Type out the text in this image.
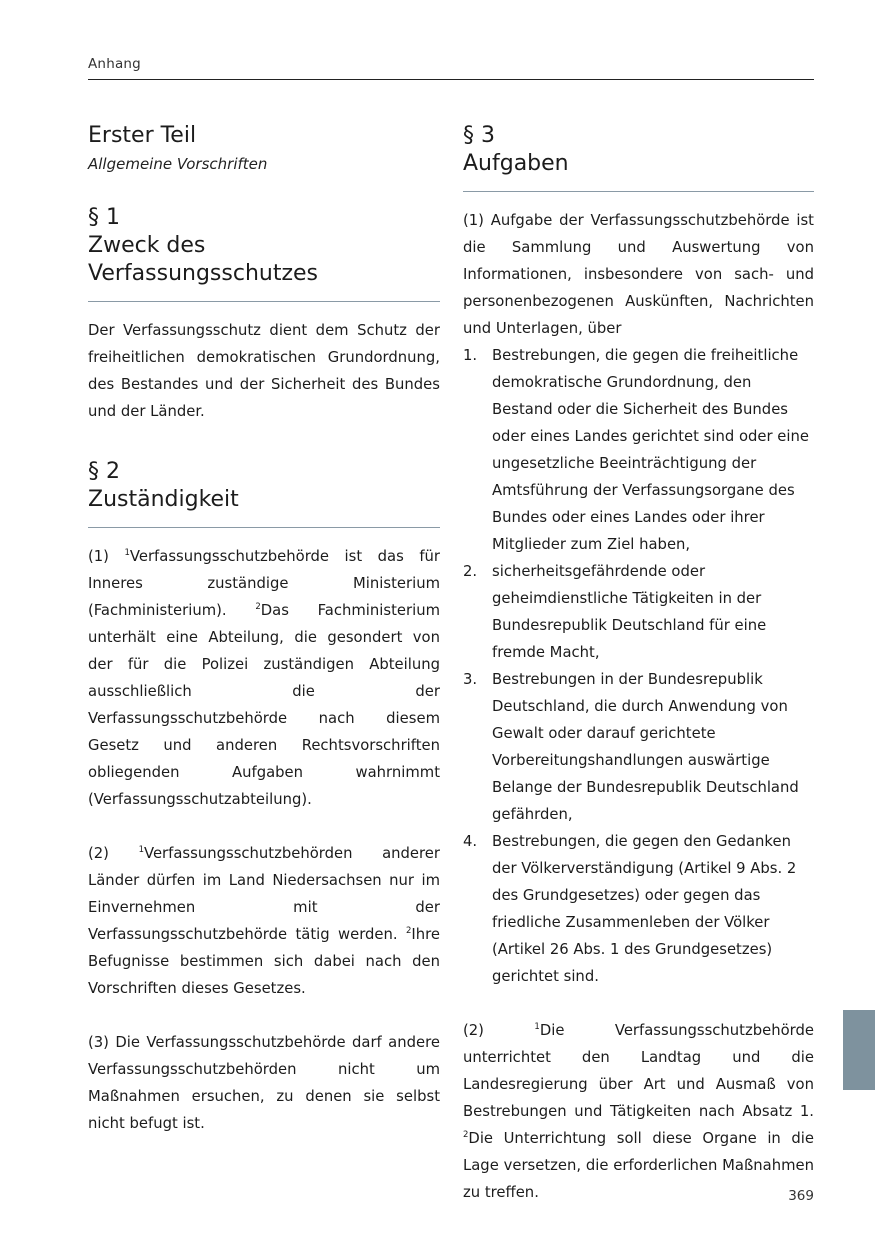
Anhang
Erster Teil
Allgemeine Vorschriften
§ 1
Zweck des Verfassungsschutzes

Der Verfassungsschutz dient dem Schutz der freiheitlichen demokratischen Grundordnung, des Bestandes und der Sicherheit des Bundes und der Länder.

§ 2
Zuständigkeit

(1) $^1$Verfassungsschutzbehörde ist das für Inneres zuständige Ministerium (Fachministerium). $^2$Das Fachministerium unterhält eine Abteilung, die gesondert von der für die Polizei zuständigen Abteilung ausschließlich die der Verfassungsschutzbehörde nach diesem Gesetz und anderen Rechtsvorschriften obliegenden Aufgaben wahrnimmt (Verfassungsschutzabteilung).

(2) $^1$Verfassungsschutzbehörden anderer Länder dürfen im Land Niedersachsen nur im Einvernehmen mit der Verfassungsschutzbehörde tätig werden. $^2$Ihre Befugnisse bestimmen sich dabei nach den Vorschriften dieses Gesetzes.

(3) Die Verfassungsschutzbehörde darf andere Verfassungsschutzbehörden nicht um Maßnahmen ersuchen, zu denen sie selbst nicht befugt ist.

§ 3
Aufgaben

(1) Aufgabe der Verfassungsschutzbehörde ist die Sammlung und Auswertung von Informationen, insbesondere von sach- und personenbezogenen Auskünften, Nachrichten und Unterlagen, über

1. Bestrebungen, die gegen die freiheitliche demokratische Grundordnung, den Bestand oder die Sicherheit des Bundes oder eines Landes gerichtet sind oder eine ungesetzliche Beeinträchtigung der Amtsführung der Verfassungsorgane des Bundes oder eines Landes oder ihrer Mitglieder zum Ziel haben,
2. sicherheitsgefährdende oder geheimdienstliche Tätigkeiten in der Bundesrepublik Deutschland für eine fremde Macht,
3. Bestrebungen in der Bundesrepublik Deutschland, die durch Anwendung von Gewalt oder darauf gerichtete Vorbereitungshandlungen auswärtige Belange der Bundesrepublik Deutschland gefährden,
4. Bestrebungen, die gegen den Gedanken der Völkerverständigung (Artikel 9 Abs. 2 des Grundgesetzes) oder gegen das friedliche Zusammenleben der Völker (Artikel 26 Abs. 1 des Grundgesetzes) gerichtet sind.

(2) $^1$Die Verfassungsschutzbehörde unterrichtet den Landtag und die Landesregierung über Art und Ausmaß von Bestrebungen und Tätigkeiten nach Absatz 1. $^2$Die Unterrichtung soll diese Organe in die Lage versetzen, die erforderlichen Maßnahmen zu treffen.	369
